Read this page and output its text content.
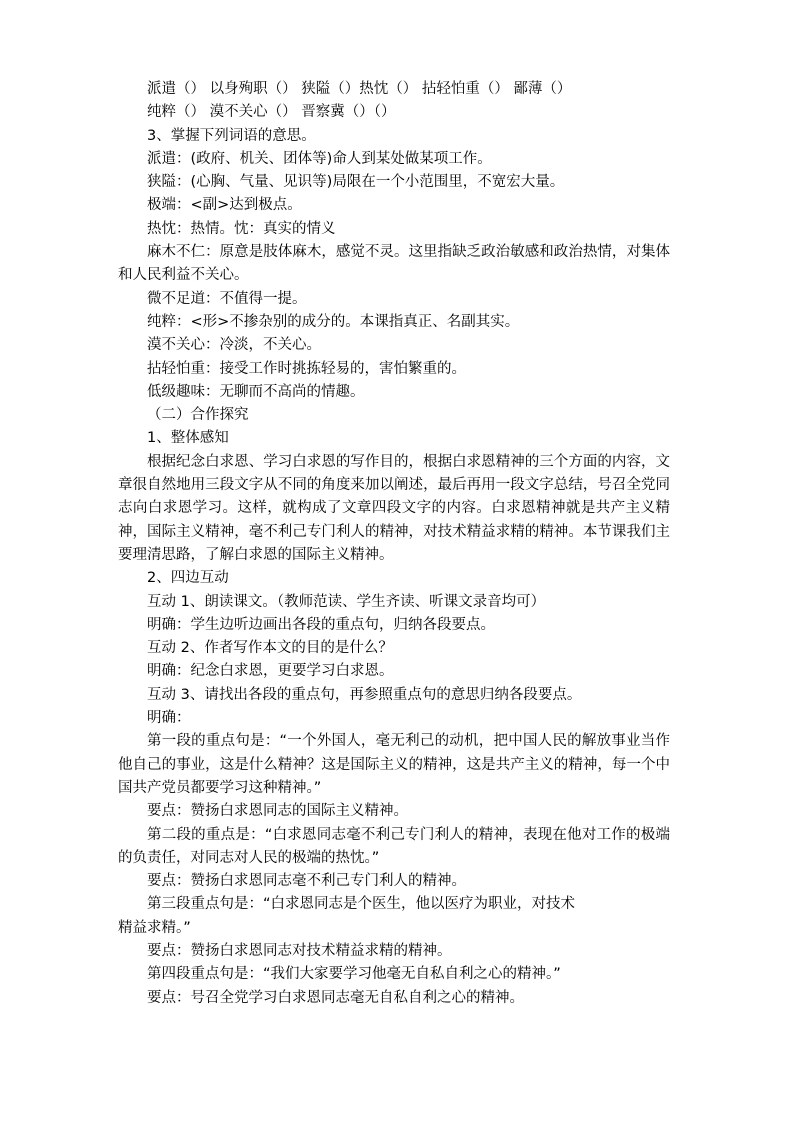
派遣（） 以身殉职（） 狭隘（）热忱（） 拈轻怕重（） 鄙薄（）

纯粹（） 漠不关心（） 晋察冀（）（）

3、掌握下列词语的意思。

派遣：(政府、机关、团体等)命人到某处做某项工作。

狭隘：(心胸、气量、见识等)局限在一个小范围里，不宽宏大量。

极端：<副>达到极点。

热忱：热情。忱：真实的情义

麻木不仁：原意是肢体麻木，感觉不灵。这里指缺乏政治敏感和政治热情，对集体和人民利益不关心。

微不足道：不值得一提。

纯粹：<形>不掺杂别的成分的。本课指真正、名副其实。

漠不关心：冷淡，不关心。

拈轻怕重：接受工作时挑拣轻易的，害怕繁重的。

低级趣味：无聊而不高尚的情趣。

（二）合作探究

1、整体感知

根据纪念白求恩、学习白求恩的写作目的，根据白求恩精神的三个方面的内容，文章很自然地用三段文字从不同的角度来加以阐述，最后再用一段文字总结，号召全党同志向白求恩学习。这样，就构成了文章四段文字的内容。白求恩精神就是共产主义精神，国际主义精神，毫不利己专门利人的精神，对技术精益求精的精神。本节课我们主要理清思路，了解白求恩的国际主义精神。

2、四边互动

互动 1、朗读课文。（教师范读、学生齐读、听课文录音均可）

明确：学生边听边画出各段的重点句，归纳各段要点。

互动 2、作者写作本文的目的是什么？

明确：纪念白求恩，更要学习白求恩。

互动 3、请找出各段的重点句，再参照重点句的意思归纳各段要点。

明确：

第一段的重点句是：“一个外国人，毫无利己的动机，把中国人民的解放事业当作他自己的事业，这是什么精神？这是国际主义的精神，这是共产主义的精神，每一个中国共产党员都要学习这种精神。”

要点：赞扬白求恩同志的国际主义精神。

第二段的重点是：“白求恩同志毫不利己专门利人的精神，表现在他对工作的极端的负责任，对同志对人民的极端的热忱。”

要点：赞扬白求恩同志毫不利己专门利人的精神。

第三段重点句是：“白求恩同志是个医生，他以医疗为职业，对技术
精益求精。”

要点：赞扬白求恩同志对技术精益求精的精神。

第四段重点句是：“我们大家要学习他毫无自私自利之心的精神。”

要点：号召全党学习白求恩同志毫无自私自利之心的精神。
